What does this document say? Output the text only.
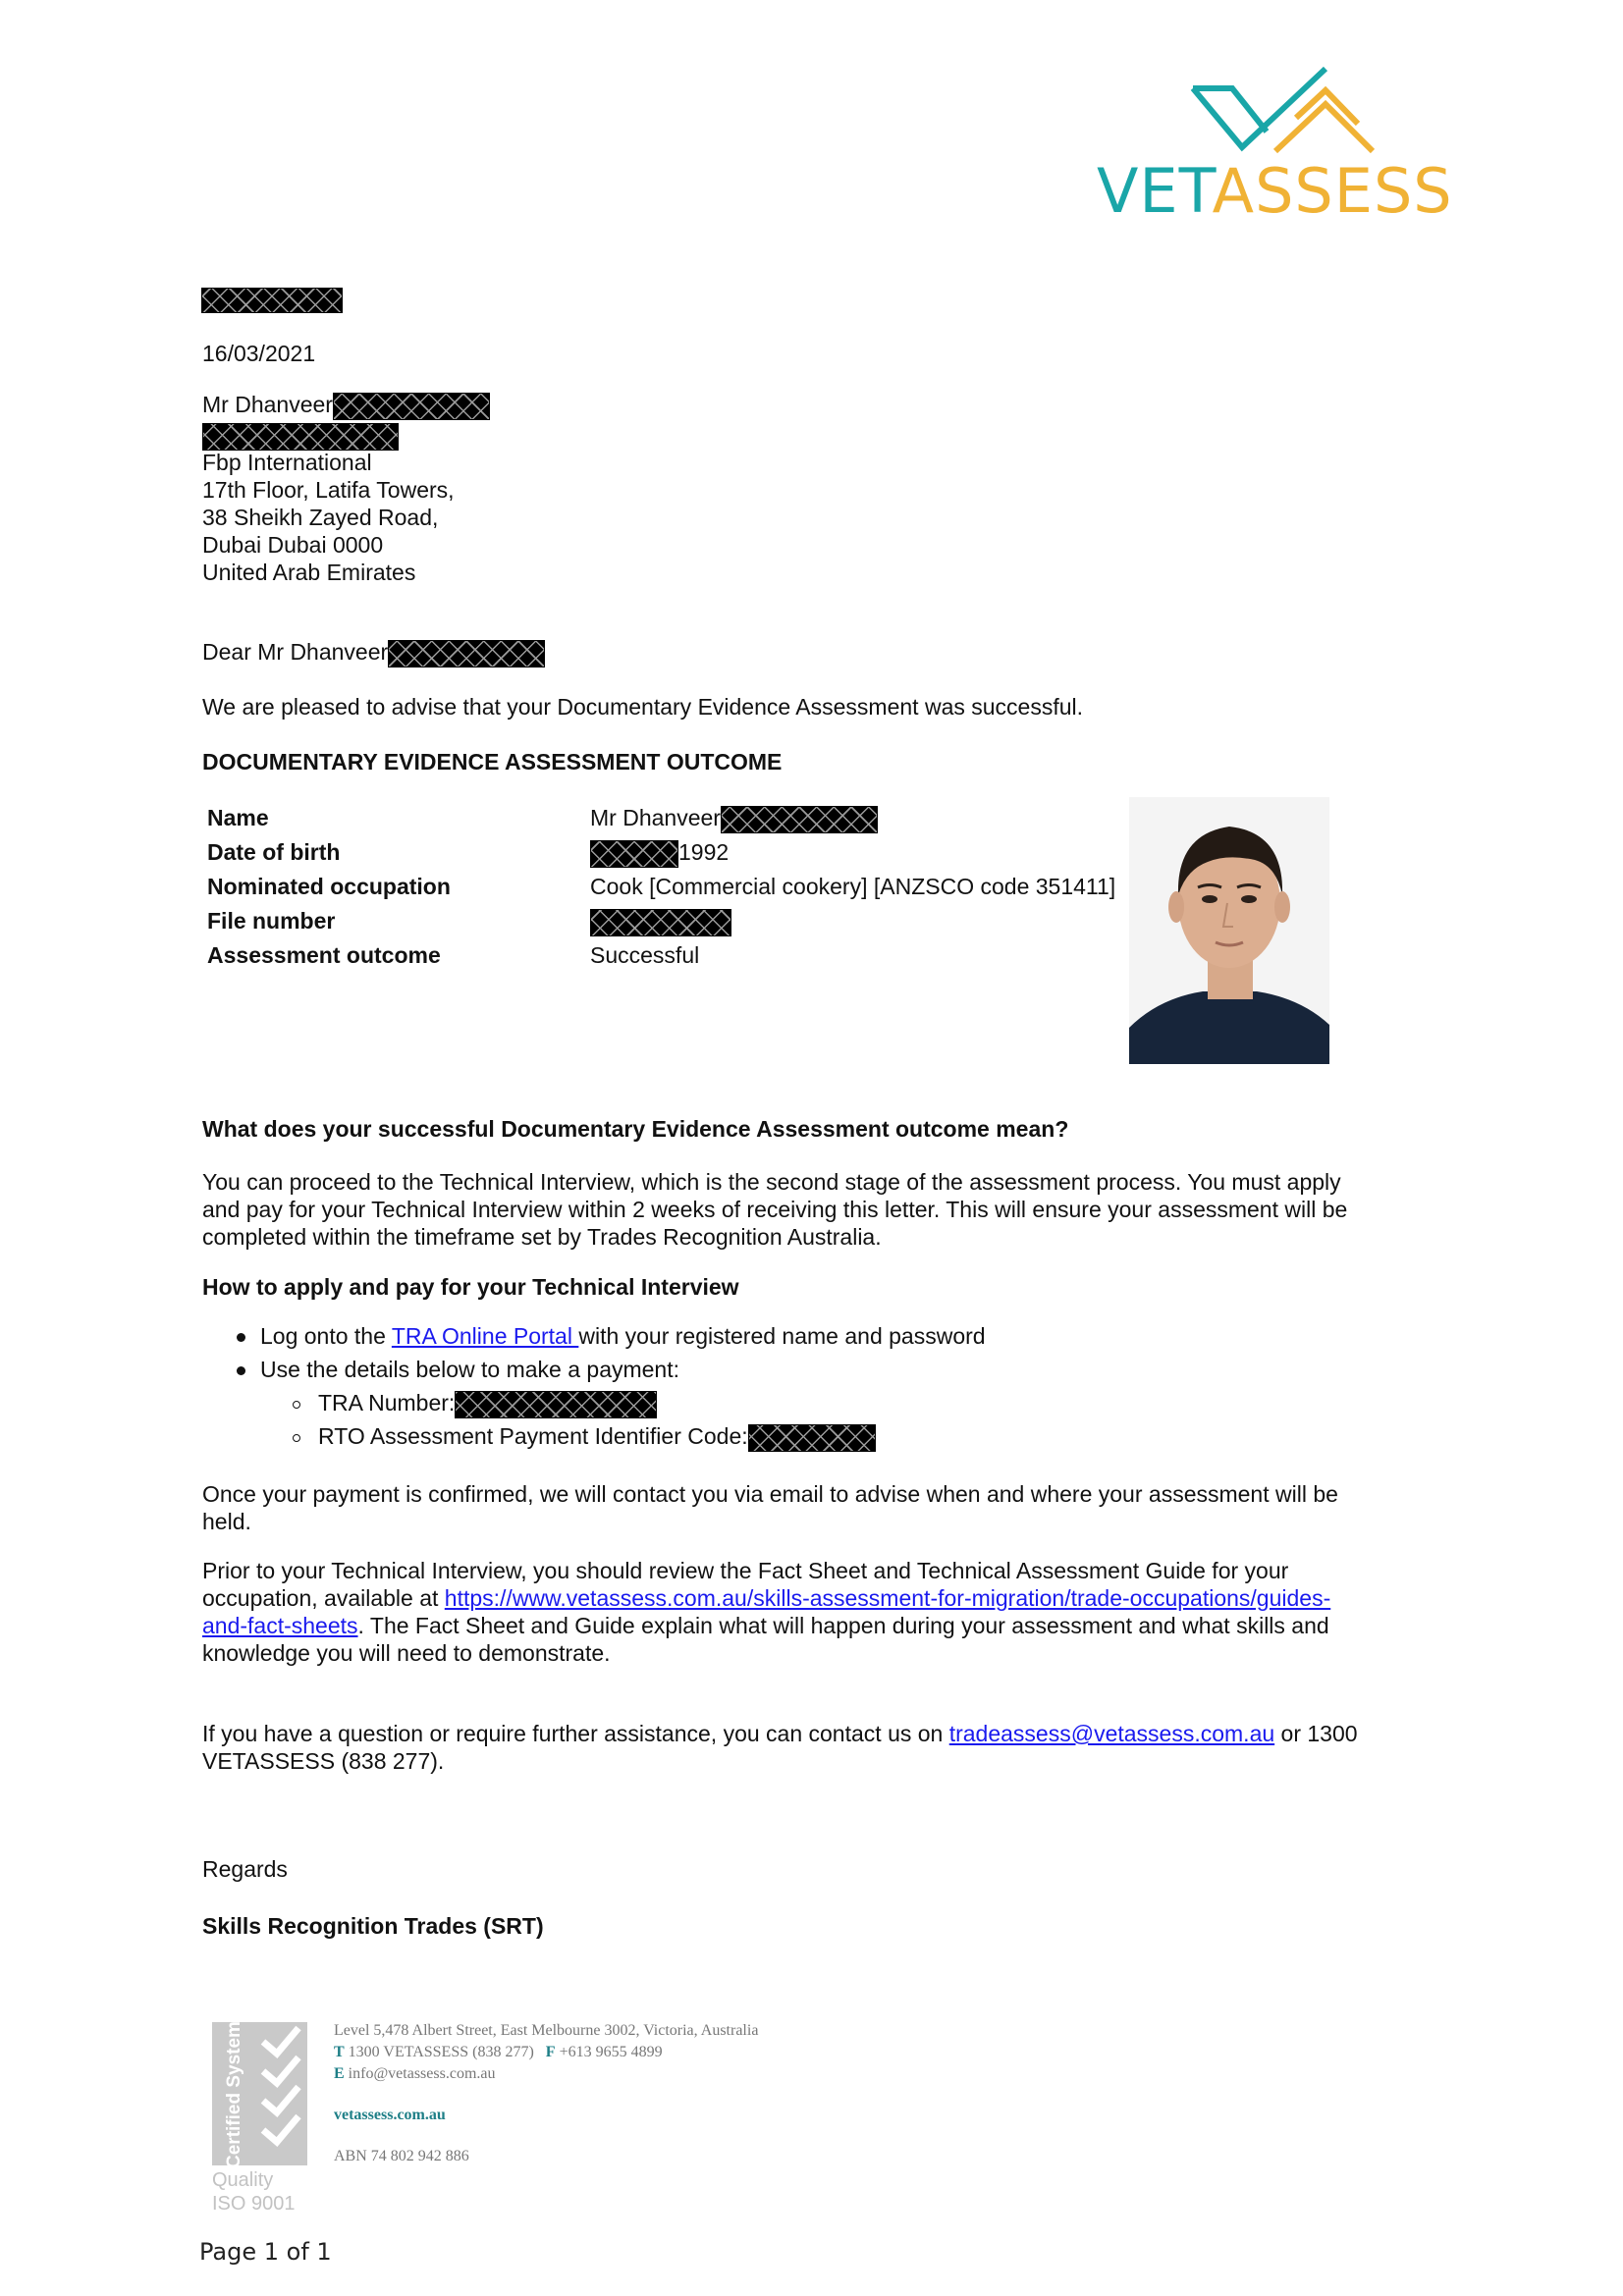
VETASSESS
16/03/2021
Mr Dhanveer
Fbp International
17th Floor, Latifa Towers,
38 Sheikh Zayed Road,
Dubai Dubai 0000
United Arab Emirates
Dear Mr Dhanveer
We are pleased to advise that your Documentary Evidence Assessment was successful.
DOCUMENTARY EVIDENCE ASSESSMENT OUTCOME
Name	Mr Dhanveer
Date of birth	1992
Nominated occupation	Cook [Commercial cookery] [ANZSCO code 351411]
File number
Assessment outcome	Successful
What does your successful Documentary Evidence Assessment outcome mean?
You can proceed to the Technical Interview, which is the second stage of the assessment process. You must apply and pay for your Technical Interview within 2 weeks of receiving this letter. This will ensure your assessment will be completed within the timeframe set by Trades Recognition Australia.
How to apply and pay for your Technical Interview
Log onto the TRA Online Portal with your registered name and password
Use the details below to make a payment:
TRA Number:
RTO Assessment Payment Identifier Code:
Once your payment is confirmed, we will contact you via email to advise when and where your assessment will be held.
Prior to your Technical Interview, you should review the Fact Sheet and Technical Assessment Guide for your occupation, available at https://www.vetassess.com.au/skills-assessment-for-migration/trade-occupations/guides-and-fact-sheets. The Fact Sheet and Guide explain what will happen during your assessment and what skills and knowledge you will need to demonstrate.
If you have a question or require further assistance, you can contact us on tradeassess@vetassess.com.au or 1300 VETASSESS (838 277).
Regards
Skills Recognition Trades (SRT)
Certified System
Quality
ISO 9001
Level 5,478 Albert Street, East Melbourne 3002, Victoria, Australia
T 1300 VETASSESS (838 277) F +613 9655 4899
E info@vetassess.com.au
vetassess.com.au
ABN 74 802 942 886
Page 1 of 1
